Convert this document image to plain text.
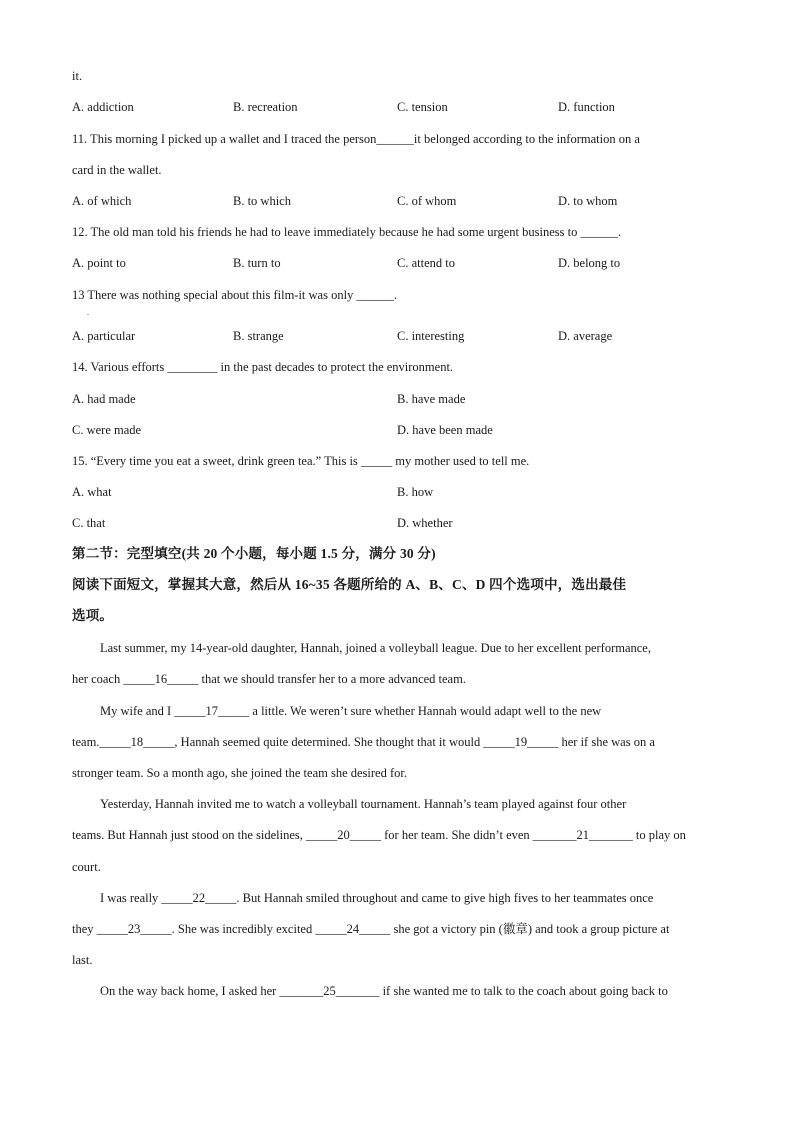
it.
A. addiction	B. recreation	C. tension	D. function
11. This morning I picked up a wallet and I traced the person______it belonged according to the information on a
card in the wallet.
A. of which	B. to which	C. of whom	D. to whom
12. The old man told his friends he had to leave immediately because he had some urgent business to ______.
A. point to	B. turn to	C. attend to	D. belong to
13 There was nothing special about this film-it was only ______.
.
A. particular	B. strange	C. interesting	D. average
14. Various efforts ________ in the past decades to protect the environment.
A. had made	B. have made
C. were made	D. have been made
15. “Every time you eat a sweet, drink green tea.” This is _____ my mother used to tell me.
A. what	B. how
C. that	D. whether
第二节：完型填空(共 20 个小题，每小题 1.5 分，满分 30 分)
阅读下面短文，掌握其大意，然后从 16~35 各题所给的 A、B、C、D 四个选项中，选出最佳
选项。
Last summer, my 14-year-old daughter, Hannah, joined a volleyball league. Due to her excellent performance,
her coach _____16_____ that we should transfer her to a more advanced team.
My wife and I _____17_____ a little. We weren’t sure whether Hannah would adapt well to the new
team._____18_____, Hannah seemed quite determined. She thought that it would _____19_____ her if she was on a
stronger team. So a month ago, she joined the team she desired for.
Yesterday, Hannah invited me to watch a volleyball tournament. Hannah’s team played against four other
teams. But Hannah just stood on the sidelines, _____20_____ for her team. She didn’t even _______21_______ to play on
court.
I was really _____22_____. But Hannah smiled throughout and came to give high fives to her teammates once
they _____23_____. She was incredibly excited _____24_____ she got a victory pin (徽章) and took a group picture at
last.
On the way back home, I asked her _______25_______ if she wanted me to talk to the coach about going back to
